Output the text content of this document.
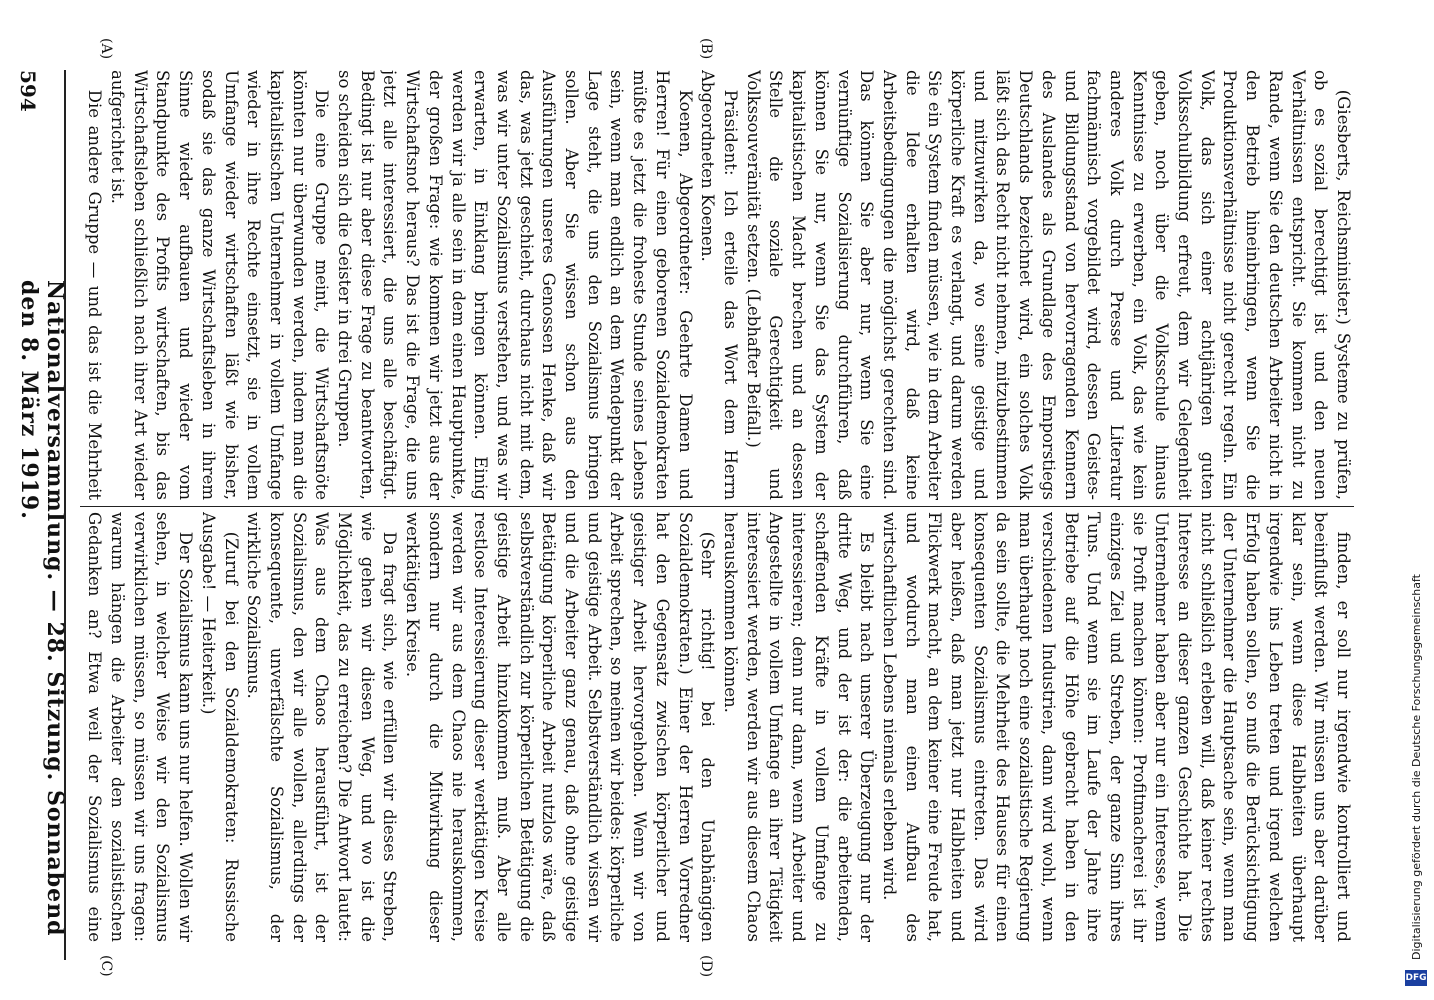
594
Nationalversammlung. — 28. Sitzung. Sonnabend den 8. März 1919.
(A)	(B)
(C)	(D)

(Giesberts, Reichsminister.) Systeme zu prüfen, ob es sozial berechtigt ist und den neuen Verhältnissen entspricht. Sie kommen nicht zu Rande, wenn Sie den deutschen Arbeiter nicht in den Betrieb hineinbringen, wenn Sie die Produktionsverhältnisse nicht gerecht regeln. Ein Volk, das sich einer achtjährigen guten Volksschulbildung erfreut, dem wir Gelegenheit geben, noch über die Volksschule hinaus Kenntnisse zu erwerben, ein Volk, das wie kein anderes Volk durch Presse und Literatur fachmännisch vorgebildet wird, dessen Geistes- und Bildungsstand von hervorragenden Kennern des Auslandes als Grundlage des Emporstiegs Deutschlands bezeichnet wird, ein solches Volk läßt sich das Recht nicht nehmen, mitzubestimmen und mitzuwirken da, wo seine geistige und körperliche Kraft es verlangt, und darum werden Sie ein System finden müssen, wie in dem Arbeiter die Idee erhalten wird, daß keine Arbeitsbedingungen die möglichst gerechten sind. Das können Sie aber nur, wenn Sie eine vernünftige Sozialisierung durchführen, daß können Sie nur, wenn Sie das System der kapitalistischen Macht brechen und an dessen Stelle die soziale Gerechtigkeit und Volkssouveränität setzen. (Lebhafter Beifall.)

Präsident: Ich erteile das Wort dem Herrn Abgeordneten Koenen.

Koenen, Abgeordneter: Geehrte Damen und Herren! Für einen geborenen Sozialdemokraten müßte es jetzt die froheste Stunde seines Lebens sein, wenn man endlich an dem Wendepunkt der Lage steht, die uns den Sozialismus bringen sollen. Aber Sie wissen schon aus den Ausführungen unseres Genossen Henke, daß wir das, was jetzt geschieht, durchaus nicht mit dem, was wir unter Sozialismus verstehen, und was wir erwarten, in Einklang bringen können. Einig werden wir ja alle sein in dem einen Hauptpunkte, der großen Frage: wie kommen wir jetzt aus der Wirtschaftsnot heraus? Das ist die Frage, die uns jetzt alle interessiert, die uns alle beschäftigt. Bedingt ist nur aber diese Frage zu beantworten, so scheiden sich die Geister in drei Gruppen.

Die eine Gruppe meint, die Wirtschaftsnöte könnten nur überwunden werden, indem man die kapitalistischen Unternehmer in vollem Umfange wieder in ihre Rechte einsetzt, sie in vollem Umfange wieder wirtschaften läßt wie bisher, sodaß sie das ganze Wirtschaftsleben in ihrem Sinne wieder aufbauen und wieder vom Standpunkte des Profits wirtschaften, bis das Wirtschaftsleben schließlich nach ihrer Art wieder aufgerichtet ist.

Die andere Gruppe — und das ist die Mehrheit

finden, er soll nur irgendwie kontrolliert und beeinflußt werden. Wir müssen uns aber darüber klar sein, wenn diese Halbheiten überhaupt irgendwie ins Leben treten und irgend welchen Erfolg haben sollen, so muß die Berücksichtigung der Unternehmer die Hauptsache sein, wenn man nicht schließlich erleben will, daß keiner rechtes Interesse an dieser ganzen Geschichte hat. Die Unternehmer haben aber nur ein Interesse, wenn sie Profit machen können: Profitmacherei ist ihr einziges Ziel und Streben, der ganze Sinn ihres Tuns. Und wenn sie im Laufe der Jahre ihre Betriebe auf die Höhe gebracht haben in den verschiedenen Industrien, dann wird wohl, wenn man überhaupt noch eine sozialistische Regierung da sein sollte, die Mehrheit des Hauses für einen konsequenten Sozialismus eintreten. Das wird aber heißen, daß man jetzt nur Halbheiten und Flickwerk macht, an dem keiner eine Freude hat, und wodurch man einen Aufbau des wirtschaftlichen Lebens niemals erleben wird.

Es bleibt nach unserer Überzeugung nur der dritte Weg, und der ist der: die arbeitenden, schaffenden Kräfte in vollem Umfange zu interessieren; denn nur dann, wenn Arbeiter und Angestellte in vollem Umfange an ihrer Tätigkeit interessiert werden, werden wir aus diesem Chaos herauskommen können.

(Sehr richtig! bei den Unabhängigen Sozialdemokraten.) Einer der Herren Vorredner hat den Gegensatz zwischen körperlicher und geistiger Arbeit hervorgehoben. Wenn wir von Arbeit sprechen, so meinen wir beides: körperliche und geistige Arbeit. Selbstverständlich wissen wir und die Arbeiter ganz genau, daß ohne geistige Betätigung körperliche Arbeit nutzlos wäre, daß selbstverständlich zur körperlichen Betätigung die geistige Arbeit hinzukommen muß. Aber alle restlose Interessierung dieser werktätigen Kreise werden wir aus dem Chaos nie herauskommen, sondern nur durch die Mitwirkung dieser werktätigen Kreise.

Da fragt sich, wie erfüllen wir dieses Streben, wie gehen wir diesen Weg, und wo ist die Möglichkeit, das zu erreichen? Die Antwort lautet: Was aus dem Chaos herausführt, ist der Sozialismus, den wir alle wollen, allerdings der konsequente, unverfälschte Sozialismus, der wirkliche Sozialismus.

(Zuruf bei den Sozialdemokraten: Russische Ausgabe! — Heiterkeit.)

Der Sozialismus kann uns nur helfen. Wollen wir sehen, in welcher Weise wir den Sozialismus verwirklichen müssen, so müssen wir uns fragen: warum hängen die Arbeiter den sozialistischen Gedanken an? Etwa weil der Sozialismus eine	Digitalisierung gefördert durch die Deutsche Forschungsgemeinschaft
DFG
